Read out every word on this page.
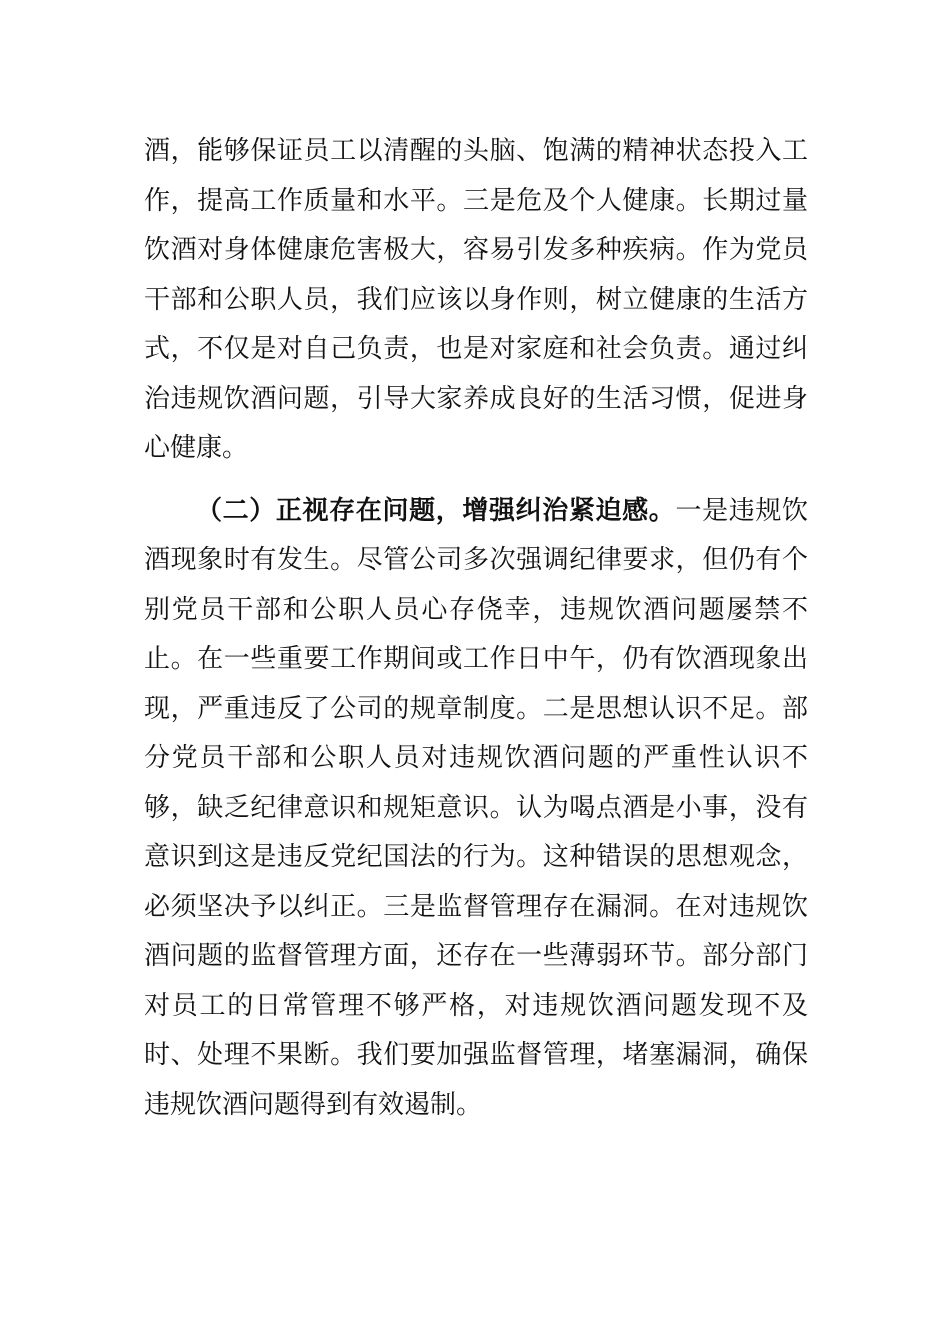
酒，能够保证员工以清醒的头脑、饱满的精神状态投入工作，提高工作质量和水平。三是危及个人健康。长期过量饮酒对身体健康危害极大，容易引发多种疾病。作为党员干部和公职人员，我们应该以身作则，树立健康的生活方式，不仅是对自己负责，也是对家庭和社会负责。通过纠治违规饮酒问题，引导大家养成良好的生活习惯，促进身心健康。

（二）正视存在问题，增强纠治紧迫感。一是违规饮酒现象时有发生。尽管公司多次强调纪律要求，但仍有个别党员干部和公职人员心存侥幸，违规饮酒问题屡禁不止。在一些重要工作期间或工作日中午，仍有饮酒现象出现，严重违反了公司的规章制度。二是思想认识不足。部分党员干部和公职人员对违规饮酒问题的严重性认识不够，缺乏纪律意识和规矩意识。认为喝点酒是小事，没有意识到这是违反党纪国法的行为。这种错误的思想观念，必须坚决予以纠正。三是监督管理存在漏洞。在对违规饮酒问题的监督管理方面，还存在一些薄弱环节。部分部门对员工的日常管理不够严格，对违规饮酒问题发现不及时、处理不果断。我们要加强监督管理，堵塞漏洞，确保违规饮酒问题得到有效遏制。
